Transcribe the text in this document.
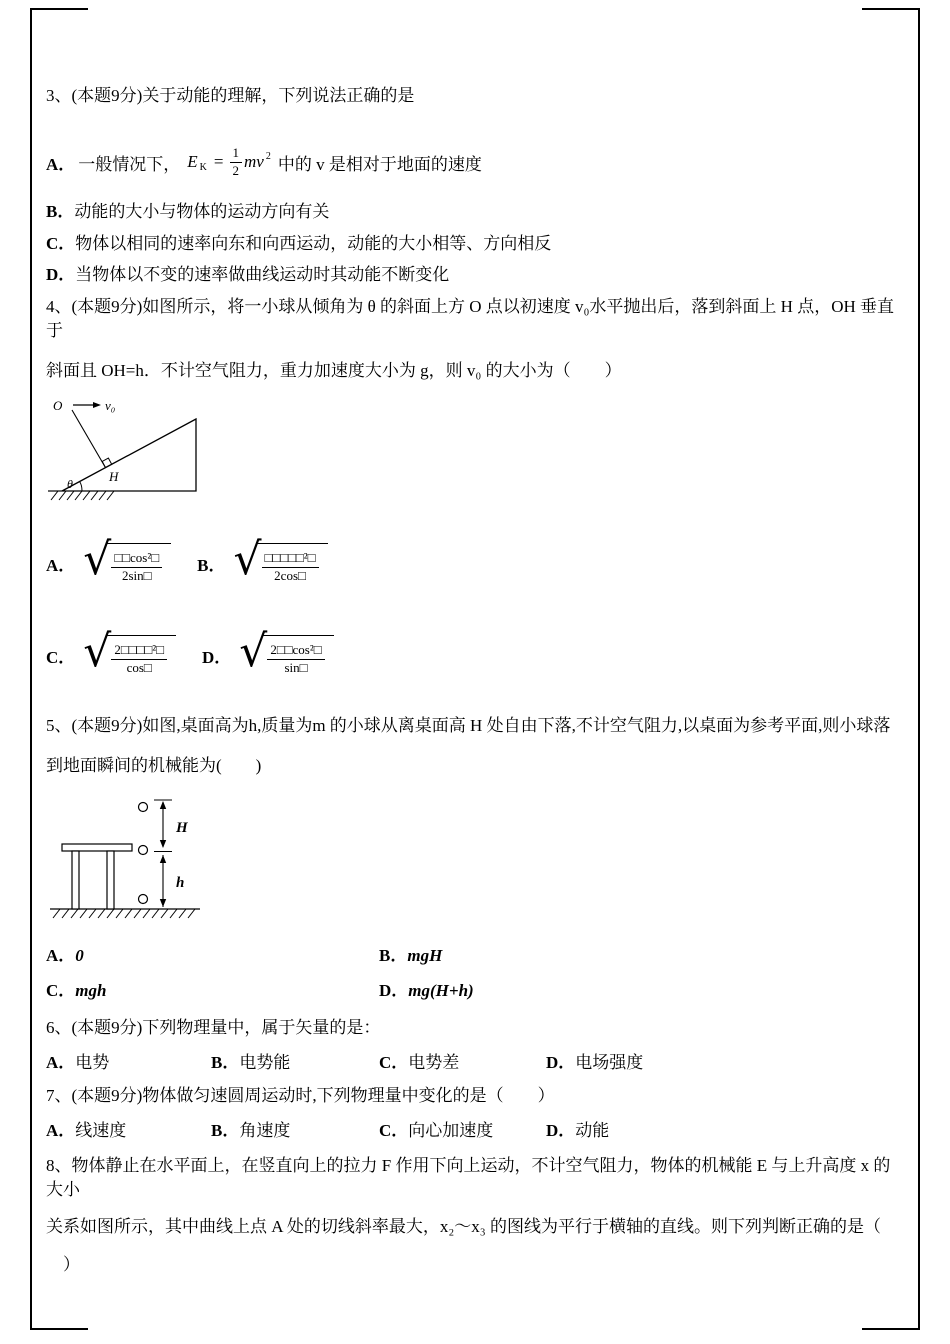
3、(本题9分)关于动能的理解，下列说法正确的是

A． 一般情况下， E $K = \frac{1}{2}$ mv 2 中的 v 是相对于地面的速度

B．动能的大小与物体的运动方向有关

C．物体以相同的速率向东和向西运动，动能的大小相等、方向相反

D．当物体以不变的速率做曲线运动时其动能不断变化

4、(本题9分)如图所示，将一小球从倾角为 θ 的斜面上方 O 点以初速度 v₀水平抛出后，落到斜面上 H 点，OH 垂直于

斜面且 OH=h．不计空气阻力，重力加速度大小为 g，则 v₀ 的大小为（　　）

θ
O	v₀
H
A． √ $\frac{\text{□□cos²□}}{2\sin□}$ B． √ $\frac{\text{□□□□□²□}}{2\cos□}$
C． √ $\frac{\text{2□□□□²□}}{\cos□}$ D． √ $\frac{\text{2□□cos²□}}{\sin□}$

5、(本题9分)如图,桌面高为h,质量为m 的小球从离桌面高 H 处自由下落,不计空气阻力,以桌面为参考平面,则小球落

到地面瞬间的机械能为(　　)

H
h
A．0	B．mgH
C．mgh	D．mg(H+h)

6、(本题9分)下列物理量中，属于矢量的是：

A．电势	B．电势能	C．电势差	D．电场强度

7、(本题9分)物体做匀速圆周运动时,下列物理量中变化的是（　　）

A．线速度	B．角速度	C．向心加速度	D．动能

8、物体静止在水平面上，在竖直向上的拉力 F 作用下向上运动，不计空气阻力，物体的机械能 E 与上升高度 x 的大小

关系如图所示，其中曲线上点 A 处的切线斜率最大，x₂～x₃ 的图线为平行于横轴的直线。则下列判断正确的是（

　）
